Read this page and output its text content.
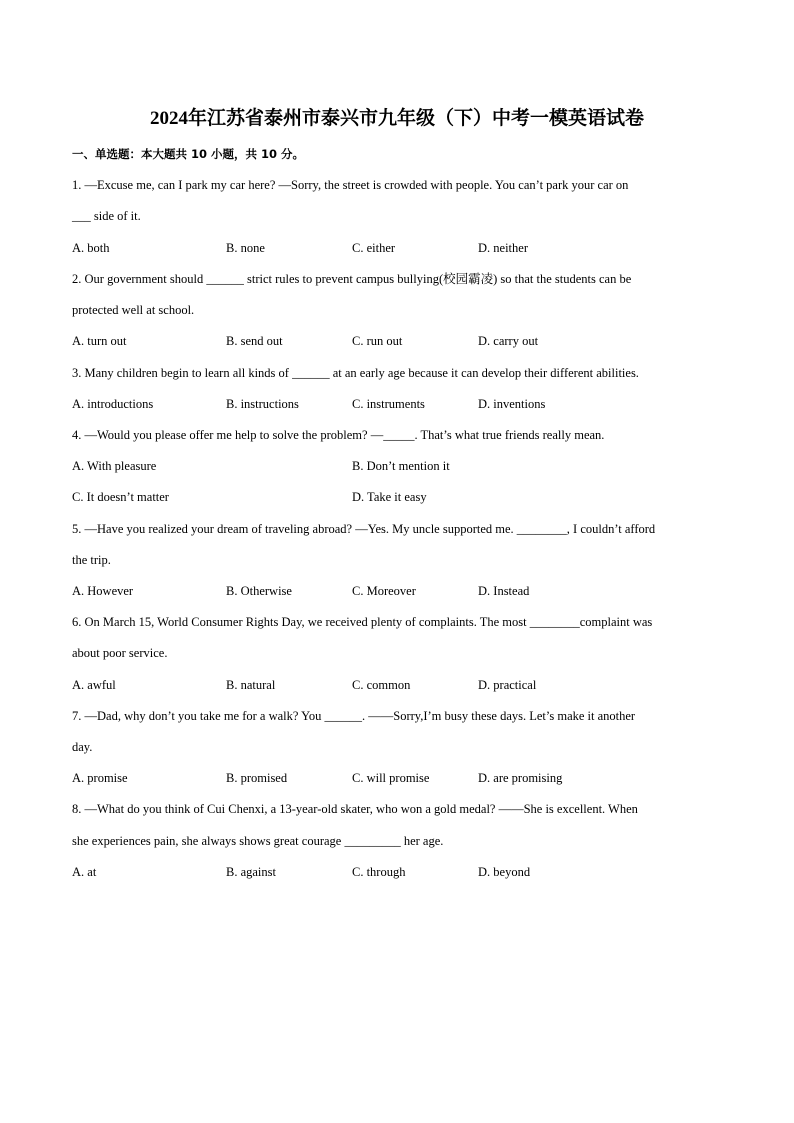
2024年江苏省泰州市泰兴市九年级（下）中考一模英语试卷
一、单选题：本大题共 10 小题，共 10 分。
1. —Excuse me, can I park my car here? —Sorry, the street is crowded with people. You can’t park your car on
___ side of it.
A. both	B. none	C. either	D. neither
2. Our government should ______ strict rules to prevent campus bullying(校园霸凌) so that the students can be
protected well at school.
A. turn out	B. send out	C. run out	D. carry out
3. Many children begin to learn all kinds of ______ at an early age because it can develop their different abilities.
A. introductions	B. instructions	C. instruments	D. inventions
4. —Would you please offer me help to solve the problem? —_____. That’s what true friends really mean.
A. With pleasure	B. Don’t mention it
C. It doesn’t matter	D. Take it easy
5. —Have you realized your dream of traveling abroad? —Yes. My uncle supported me. ________, I couldn’t afford
the trip.
A. However	B. Otherwise	C. Moreover	D. Instead
6. On March 15, World Consumer Rights Day, we received plenty of complaints. The most ________complaint was
about poor service.
A. awful	B. natural	C. common	D. practical
7. —Dad, why don’t you take me for a walk? You ______. ——Sorry,I’m busy these days. Let’s make it another
day.
A. promise	B. promised	C. will promise	D. are promising
8. —What do you think of Cui Chenxi, a 13-year-old skater, who won a gold medal? ——She is excellent. When
she experiences pain, she always shows great courage _________ her age.
A. at	B. against	C. through	D. beyond
